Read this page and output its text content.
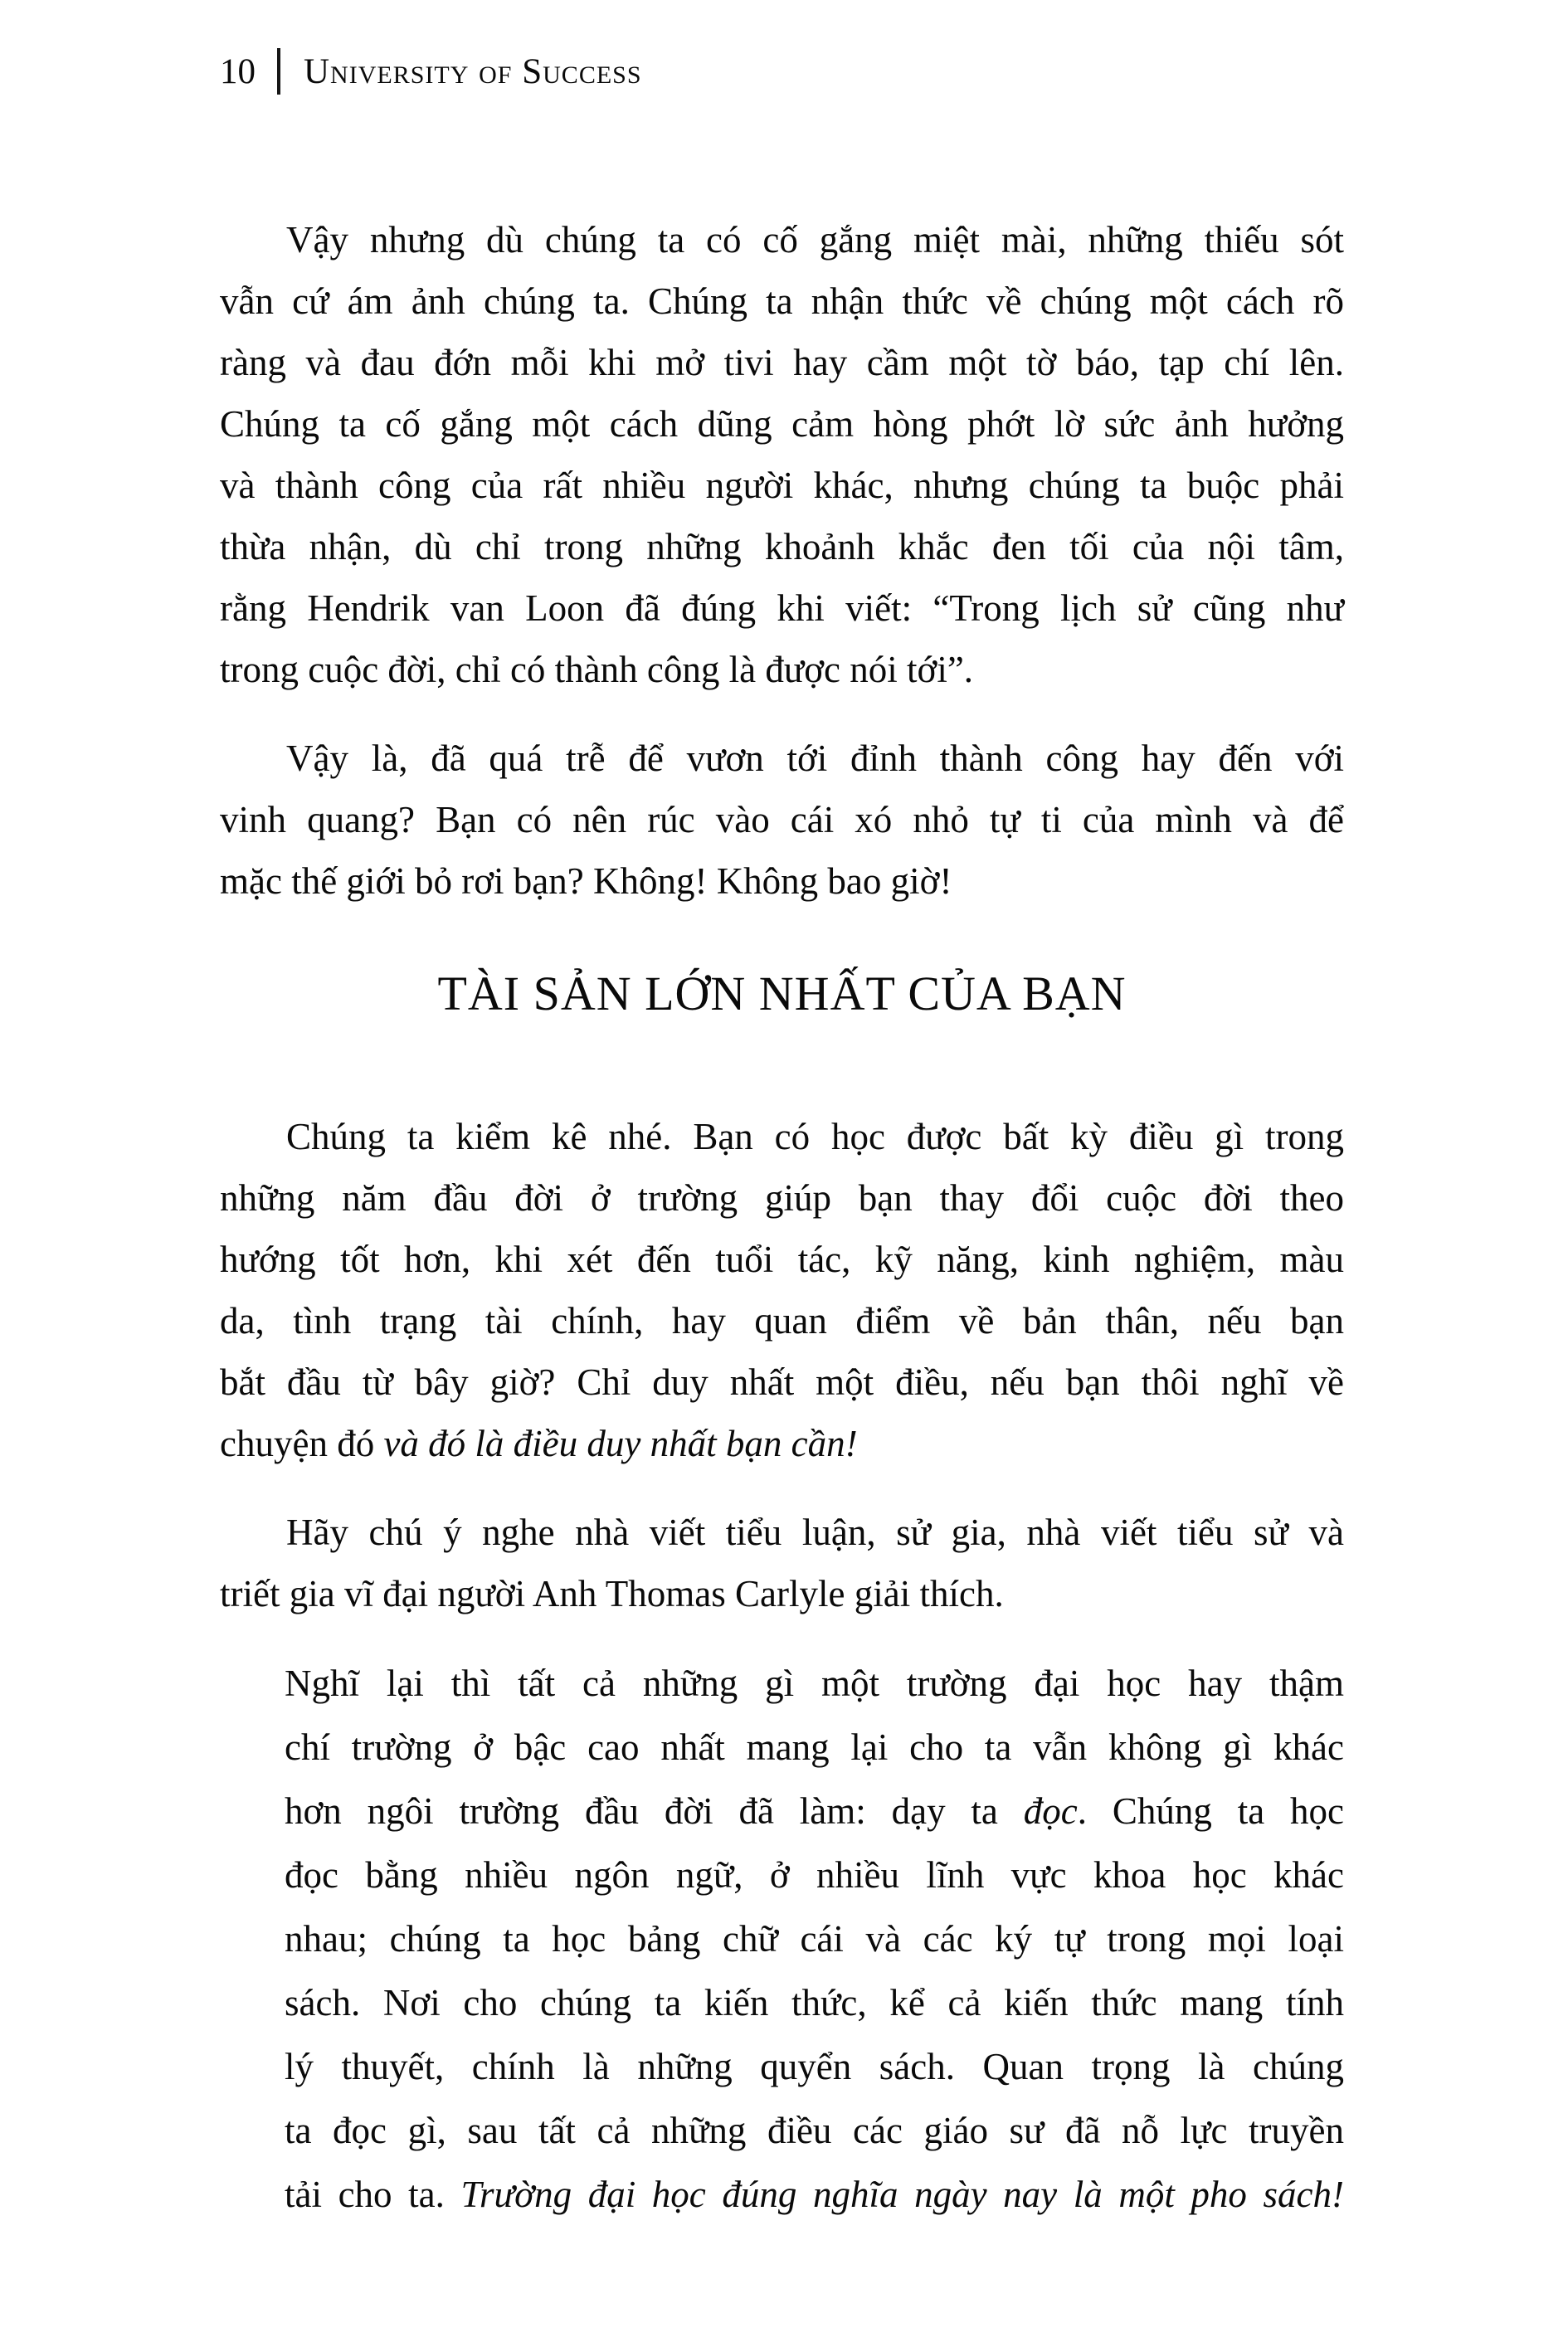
10 University of Success

Vậy nhưng dù chúng ta có cố gắng miệt mài, những thiếu sót
vẫn cứ ám ảnh chúng ta. Chúng ta nhận thức về chúng một cách rõ
ràng và đau đớn mỗi khi mở tivi hay cầm một tờ báo, tạp chí lên.
Chúng ta cố gắng một cách dũng cảm hòng phớt lờ sức ảnh hưởng
và thành công của rất nhiều người khác, nhưng chúng ta buộc phải
thừa nhận, dù chỉ trong những khoảnh khắc đen tối của nội tâm,
rằng Hendrik van Loon đã đúng khi viết: “Trong lịch sử cũng như
trong cuộc đời, chỉ có thành công là được nói tới”.

Vậy là, đã quá trễ để vươn tới đỉnh thành công hay đến với
vinh quang? Bạn có nên rúc vào cái xó nhỏ tự ti của mình và để
mặc thế giới bỏ rơi bạn? Không! Không bao giờ!

TÀI SẢN LỚN NHẤT CỦA BẠN

Chúng ta kiểm kê nhé. Bạn có học được bất kỳ điều gì trong
những năm đầu đời ở trường giúp bạn thay đổi cuộc đời theo
hướng tốt hơn, khi xét đến tuổi tác, kỹ năng, kinh nghiệm, màu
da, tình trạng tài chính, hay quan điểm về bản thân, nếu bạn
bắt đầu từ bây giờ? Chỉ duy nhất một điều, nếu bạn thôi nghĩ về
chuyện đó và đó là điều duy nhất bạn cần!

Hãy chú ý nghe nhà viết tiểu luận, sử gia, nhà viết tiểu sử và
triết gia vĩ đại người Anh Thomas Carlyle giải thích.

Nghĩ lại thì tất cả những gì một trường đại học hay thậm
chí trường ở bậc cao nhất mang lại cho ta vẫn không gì khác
hơn ngôi trường đầu đời đã làm: dạy ta đọc. Chúng ta học
đọc bằng nhiều ngôn ngữ, ở nhiều lĩnh vực khoa học khác
nhau; chúng ta học bảng chữ cái và các ký tự trong mọi loại
sách. Nơi cho chúng ta kiến thức, kể cả kiến thức mang tính
lý thuyết, chính là những quyển sách. Quan trọng là chúng
ta đọc gì, sau tất cả những điều các giáo sư đã nỗ lực truyền
tải cho ta. Trường đại học đúng nghĩa ngày nay là một pho sách!
